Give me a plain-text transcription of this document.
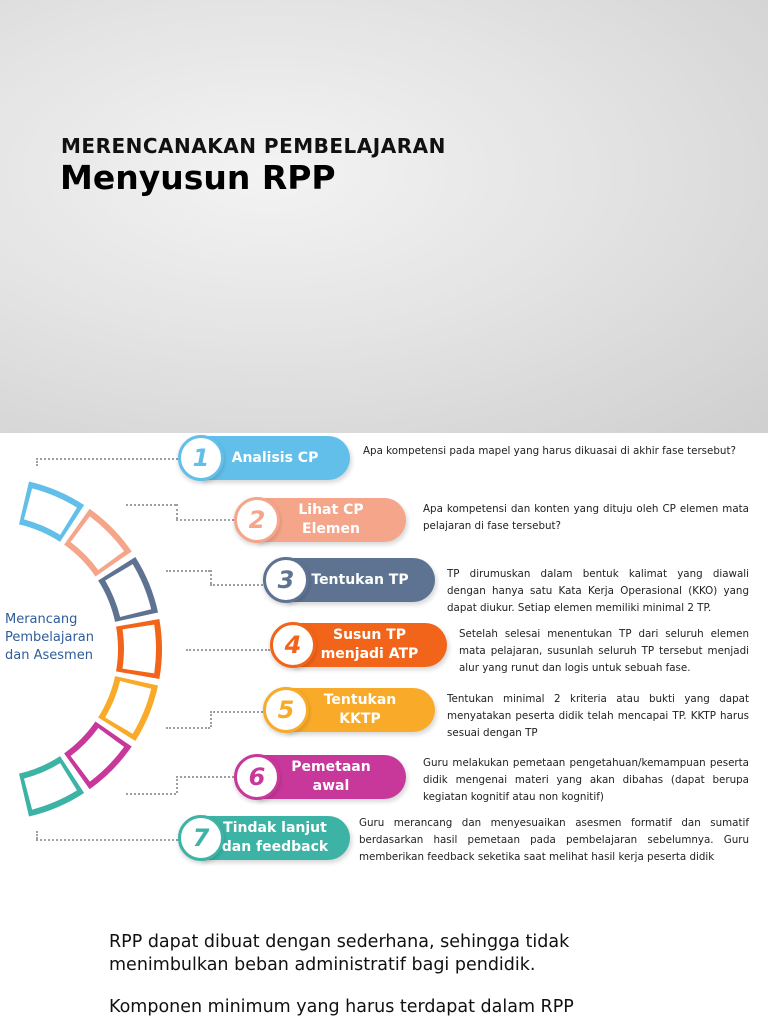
MERENCANAKAN PEMBELAJARAN
Menyusun RPP
Merancang
Pembelajaran
dan Asesmen
Analisis CP
1	Apa kompetensi pada mapel yang harus dikuasai di akhir fase tersebut?

Lihat CP
Elemen
2	Apa kompetensi dan konten yang dituju oleh CP elemen mata pelajaran di fase tersebut?

Tentukan TP
3	TP dirumuskan dalam bentuk kalimat yang diawali dengan hanya satu Kata Kerja Operasional (KKO) yang dapat diukur. Setiap elemen memiliki minimal 2 TP.

Susun TP
menjadi ATP
4	Setelah selesai menentukan TP dari seluruh elemen mata pelajaran, susunlah seluruh TP tersebut menjadi alur yang runut dan logis untuk sebuah fase.

Tentukan
KKTP
5	Tentukan minimal 2 kriteria atau bukti yang dapat menyatakan peserta didik telah mencapai TP. KKTP harus sesuai dengan TP

Pemetaan
awal
6	Guru melakukan pemetaan pengetahuan/kemampuan peserta didik mengenai materi yang akan dibahas (dapat berupa kegiatan kognitif atau non kognitif)

Tindak lanjut
dan feedback
7

Guru merancang dan menyesuaikan asesmen formatif dan sumatif berdasarkan hasil pemetaan pada pembelajaran sebelumnya. Guru memberikan feedback seketika saat melihat hasil kerja peserta didik

RPP dapat dibuat dengan sederhana, sehingga tidak menimbulkan beban administratif bagi pendidik.

Komponen minimum yang harus terdapat dalam RPP
